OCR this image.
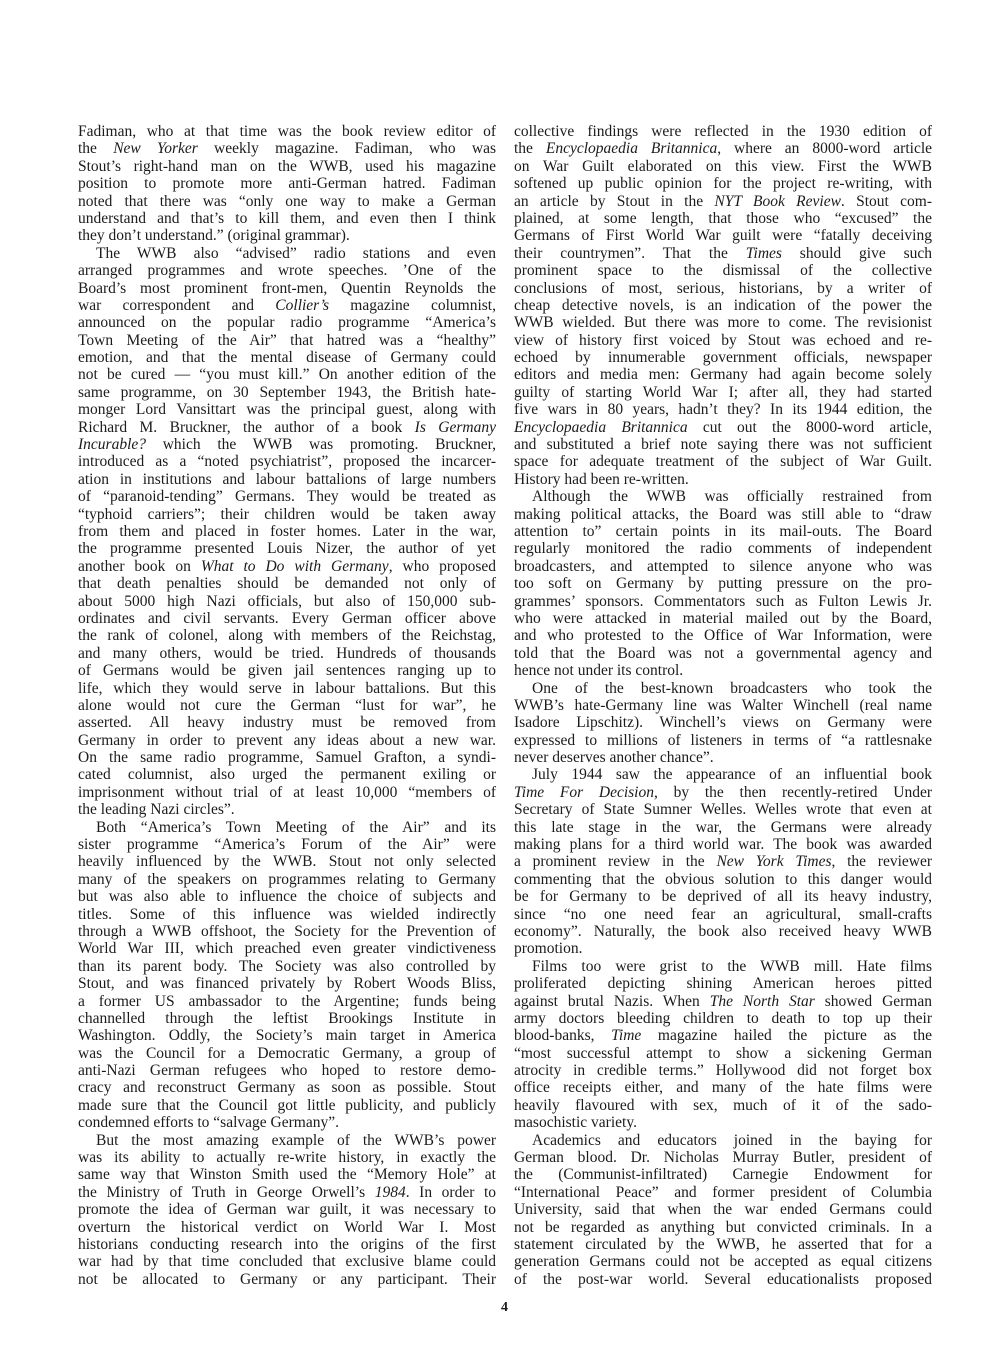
Fadiman, who at that time was the book review editor of
the New Yorker weekly magazine. Fadiman, who was
Stout’s right-hand man on the WWB, used his magazine
position to promote more anti-German hatred. Fadiman
noted that there was “only one way to make a German
understand and that’s to kill them, and even then I think
they don’t understand.” (original grammar).
The WWB also “advised” radio stations and even
arranged programmes and wrote speeches. ’One of the
Board’s most prominent front-men, Quentin Reynolds the
war correspondent and Collier’s magazine columnist,
announced on the popular radio programme “America’s
Town Meeting of the Air” that hatred was a “healthy”
emotion, and that the mental disease of Germany could
not be cured — “you must kill.” On another edition of the
same programme, on 30 September 1943, the British hate-
monger Lord Vansittart was the principal guest, along with
Richard M. Bruckner, the author of a book Is Germany
Incurable? which the WWB was promoting. Bruckner,
introduced as a “noted psychiatrist”, proposed the incarcer-
ation in institutions and labour battalions of large numbers
of “paranoid-tending” Germans. They would be treated as
“typhoid carriers”; their children would be taken away
from them and placed in foster homes. Later in the war,
the programme presented Louis Nizer, the author of yet
another book on What to Do with Germany, who proposed
that death penalties should be demanded not only of
about 5000 high Nazi officials, but also of 150,000 sub-
ordinates and civil servants. Every German officer above
the rank of colonel, along with members of the Reichstag,
and many others, would be tried. Hundreds of thousands
of Germans would be given jail sentences ranging up to
life, which they would serve in labour battalions. But this
alone would not cure the German “lust for war”, he
asserted. All heavy industry must be removed from
Germany in order to prevent any ideas about a new war.
On the same radio programme, Samuel Grafton, a syndi-
cated columnist, also urged the permanent exiling or
imprisonment without trial of at least 10,000 “members of
the leading Nazi circles”.
Both “America’s Town Meeting of the Air” and its
sister programme “America’s Forum of the Air” were
heavily influenced by the WWB. Stout not only selected
many of the speakers on programmes relating to Germany
but was also able to influence the choice of subjects and
titles. Some of this influence was wielded indirectly
through a WWB offshoot, the Society for the Prevention of
World War III, which preached even greater vindictiveness
than its parent body. The Society was also controlled by
Stout, and was financed privately by Robert Woods Bliss,
a former US ambassador to the Argentine; funds being
channelled through the leftist Brookings Institute in
Washington. Oddly, the Society’s main target in America
was the Council for a Democratic Germany, a group of
anti-Nazi German refugees who hoped to restore demo-
cracy and reconstruct Germany as soon as possible. Stout
made sure that the Council got little publicity, and publicly
condemned efforts to “salvage Germany”.
But the most amazing example of the WWB’s power
was its ability to actually re-write history, in exactly the
same way that Winston Smith used the “Memory Hole” at
the Ministry of Truth in George Orwell’s 1984. In order to
promote the idea of German war guilt, it was necessary to
overturn the historical verdict on World War I. Most
historians conducting research into the origins of the first
war had by that time concluded that exclusive blame could
not be allocated to Germany or any participant. Their
collective findings were reflected in the 1930 edition of
the Encyclopaedia Britannica, where an 8000-word article
on War Guilt elaborated on this view. First the WWB
softened up public opinion for the project re-writing, with
an article by Stout in the NYT Book Review. Stout com-
plained, at some length, that those who “excused” the
Germans of First World War guilt were “fatally deceiving
their countrymen”. That the Times should give such
prominent space to the dismissal of the collective
conclusions of most, serious, historians, by a writer of
cheap detective novels, is an indication of the power the
WWB wielded. But there was more to come. The revisionist
view of history first voiced by Stout was echoed and re-
echoed by innumerable government officials, newspaper
editors and media men: Germany had again become solely
guilty of starting World War I; after all, they had started
five wars in 80 years, hadn’t they? In its 1944 edition, the
Encyclopaedia Britannica cut out the 8000-word article,
and substituted a brief note saying there was not sufficient
space for adequate treatment of the subject of War Guilt.
History had been re-written.
Although the WWB was officially restrained from
making political attacks, the Board was still able to “draw
attention to” certain points in its mail-outs. The Board
regularly monitored the radio comments of independent
broadcasters, and attempted to silence anyone who was
too soft on Germany by putting pressure on the pro-
grammes’ sponsors. Commentators such as Fulton Lewis Jr.
who were attacked in material mailed out by the Board,
and who protested to the Office of War Information, were
told that the Board was not a governmental agency and
hence not under its control.
One of the best-known broadcasters who took the
WWB’s hate-Germany line was Walter Winchell (real name
Isadore Lipschitz). Winchell’s views on Germany were
expressed to millions of listeners in terms of “a rattlesnake
never deserves another chance”.
July 1944 saw the appearance of an influential book
Time For Decision, by the then recently-retired Under
Secretary of State Sumner Welles. Welles wrote that even at
this late stage in the war, the Germans were already
making plans for a third world war. The book was awarded
a prominent review in the New York Times, the reviewer
commenting that the obvious solution to this danger would
be for Germany to be deprived of all its heavy industry,
since “no one need fear an agricultural, small-crafts
economy”. Naturally, the book also received heavy WWB
promotion.
Films too were grist to the WWB mill. Hate films
proliferated depicting shining American heroes pitted
against brutal Nazis. When The North Star showed German
army doctors bleeding children to death to top up their
blood-banks, Time magazine hailed the picture as the
“most successful attempt to show a sickening German
atrocity in credible terms.” Hollywood did not forget box
office receipts either, and many of the hate films were
heavily flavoured with sex, much of it of the sado-
masochistic variety.
Academics and educators joined in the baying for
German blood. Dr. Nicholas Murray Butler, president of
the (Communist-infiltrated) Carnegie Endowment for
“International Peace” and former president of Columbia
University, said that when the war ended Germans could
not be regarded as anything but convicted criminals. In a
statement circulated by the WWB, he asserted that for a
generation Germans could not be accepted as equal citizens
of the post-war world. Several educationalists proposed
4
